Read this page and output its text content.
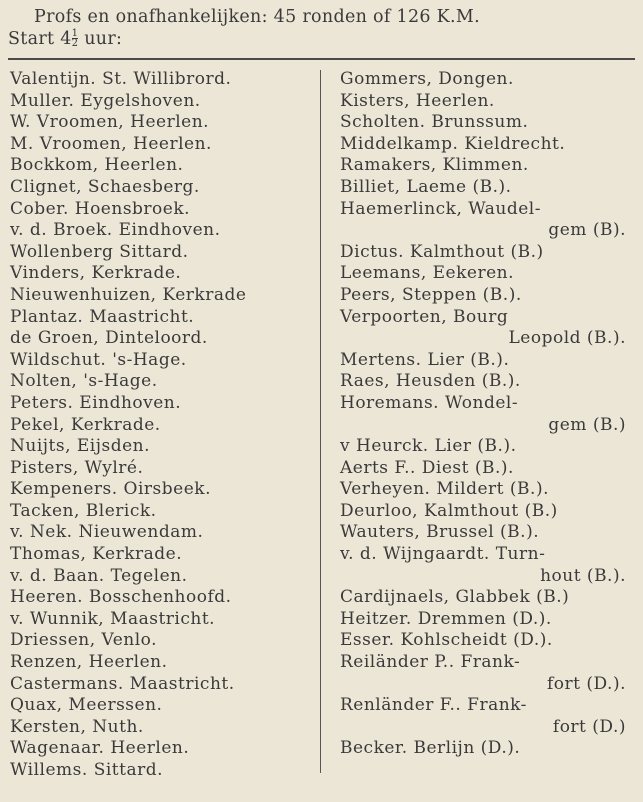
Profs en onafhankelijken: 45 ronden of 126 K.M.
Start $4 \frac{1}{2}$ uur:
Valentijn. St. Willibrord.
Muller. Eygelshoven.
W. Vroomen, Heerlen.
M. Vroomen, Heerlen.
Bockkom, Heerlen.
Clignet, Schaesberg.
Cober. Hoensbroek.
v. d. Broek. Eindhoven.
Wollenberg Sittard.
Vinders, Kerkrade.
Nieuwenhuizen, Kerkrade
Plantaz. Maastricht.
de Groen, Dinteloord.
Wildschut. 's-Hage.
Nolten, 's-Hage.
Peters. Eindhoven.
Pekel, Kerkrade.
Nuijts, Eijsden.
Pisters, Wylré.
Kempeners. Oirsbeek.
Tacken, Blerick.
v. Nek. Nieuwendam.
Thomas, Kerkrade.
v. d. Baan. Tegelen.
Heeren. Bosschenhoofd.
v. Wunnik, Maastricht.
Driessen, Venlo.
Renzen, Heerlen.
Castermans. Maastricht.
Quax, Meerssen.
Kersten, Nuth.
Wagenaar. Heerlen.
Willems. Sittard.
Gommers, Dongen.
Kisters, Heerlen.
Scholten. Brunssum.
Middelkamp. Kieldrecht.
Ramakers, Klimmen.
Billiet, Laeme (B.).
Haemerlinck, Waudel-
gem (B).
Dictus. Kalmthout (B.)
Leemans, Eekeren.
Peers, Steppen (B.).
Verpoorten, Bourg
Leopold (B.).
Mertens. Lier (B.).
Raes, Heusden (B.).
Horemans. Wondel-
gem (B.)
v Heurck. Lier (B.).
Aerts F.. Diest (B.).
Verheyen. Mildert (B.).
Deurloo, Kalmthout (B.)
Wauters, Brussel (B.).
v. d. Wijngaardt. Turn-
hout (B.).
Cardijnaels, Glabbek (B.)
Heitzer. Dremmen (D.).
Esser. Kohlscheidt (D.).
Reiländer P.. Frank-
fort (D.).
Renländer F.. Frank-
fort (D.)
Becker. Berlijn (D.).
